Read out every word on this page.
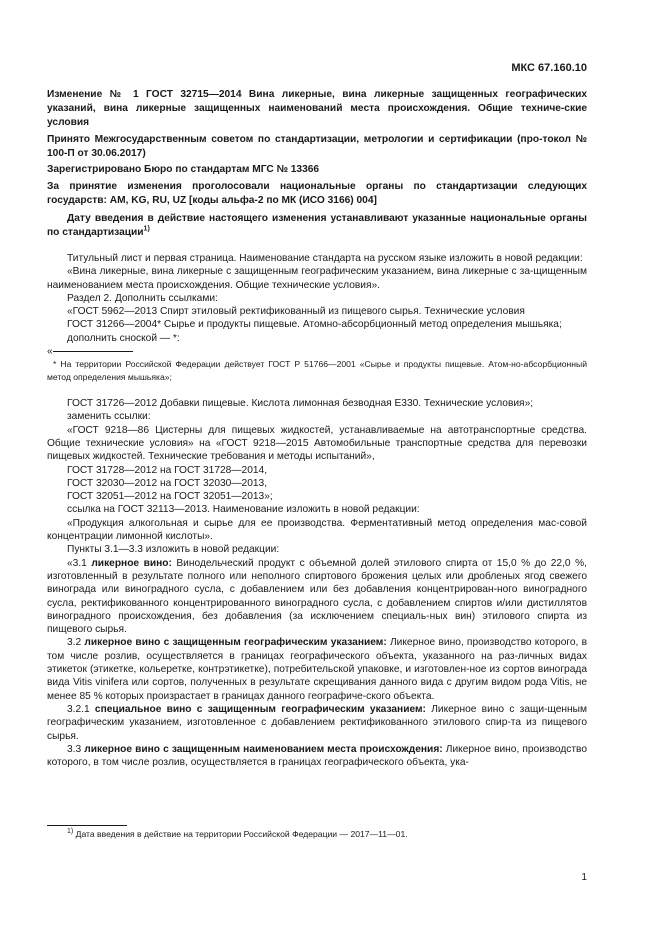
МКС 67.160.10
Изменение № 1 ГОСТ 32715—2014 Вина ликерные, вина ликерные защищенных географических указаний, вина ликерные защищенных наименований места происхождения. Общие техниче-ские условия
Принято Межгосударственным советом по стандартизации, метрологии и сертификации (про-токол № 100-П от 30.06.2017)
Зарегистрировано Бюро по стандартам МГС № 13366
За принятие изменения проголосовали национальные органы по стандартизации следующих государств: AM, KG, RU, UZ [коды альфа-2 по МК (ИСО 3166) 004]
Дату введения в действие настоящего изменения устанавливают указанные национальные органы по стандартизации$^{1)}$

Титульный лист и первая страница. Наименование стандарта на русском языке изложить в новой редакции:

«Вина ликерные, вина ликерные с защищенным географическим указанием, вина ликерные с за-щищенным наименованием места происхождения. Общие технические условия».

Раздел 2. Дополнить ссылками:

«ГОСТ 5962—2013 Спирт этиловый ректификованный из пищевого сырья. Технические условия

ГОСТ 31266—2004* Сырье и продукты пищевые. Атомно-абсорбционный метод определения мышьяка;

дополнить сноской — *:

«

* На территории Российской Федерации действует ГОСТ Р 51766—2001 «Сырье и продукты пищевые. Атом-но-абсорбционный метод определения мышьяка»;

ГОСТ 31726—2012 Добавки пищевые. Кислота лимонная безводная Е330. Технические условия»;

заменить ссылки:

«ГОСТ 9218—86 Цистерны для пищевых жидкостей, устанавливаемые на автотранспортные средства. Общие технические условия» на «ГОСТ 9218—2015 Автомобильные транспортные средства для перевозки пищевых жидкостей. Технические требования и методы испытаний»,

ГОСТ 31728—2012 на ГОСТ 31728—2014,

ГОСТ 32030—2012 на ГОСТ 32030—2013,

ГОСТ 32051—2012 на ГОСТ 32051—2013»;

ссылка на ГОСТ 32113—2013. Наименование изложить в новой редакции:

«Продукция алкогольная и сырье для ее производства. Ферментативный метод определения мас-совой концентрации лимонной кислоты».

Пункты 3.1—3.3 изложить в новой редакции:

«3.1 ликерное вино: Винодельческий продукт с объемной долей этилового спирта от 15,0 % до 22,0 %, изготовленный в результате полного или неполного спиртового брожения целых или дробленых ягод свежего винограда или виноградного сусла, с добавлением или без добавления концентрирован-ного виноградного сусла, ректификованного концентрированного виноградного сусла, с добавлением спиртов и/или дистиллятов виноградного происхождения, без добавления (за исключением специаль-ных вин) этилового спирта из пищевого сырья.

3.2 ликерное вино с защищенным географическим указанием: Ликерное вино, производство которого, в том числе розлив, осуществляется в границах географического объекта, указанного на раз-личных видах этикеток (этикетке, кольеретке, контрэтикетке), потребительской упаковке, и изготовлен-ное из сортов винограда вида Vitis vinifera или сортов, полученных в результате скрещивания данного вида с другим видом рода Vitis, не менее 85 % которых произрастает в границах данного географиче-ского объекта.

3.2.1 специальное вино с защищенным географическим указанием: Ликерное вино с защи-щенным географическим указанием, изготовленное с добавлением ректификованного этилового спир-та из пищевого сырья.

3.3 ликерное вино с защищенным наименованием места происхождения: Ликерное вино, производство которого, в том числе розлив, осуществляется в границах географического объекта, ука-

$^{1)}$ Дата введения в действие на территории Российской Федерации — 2017—11—01.
1
